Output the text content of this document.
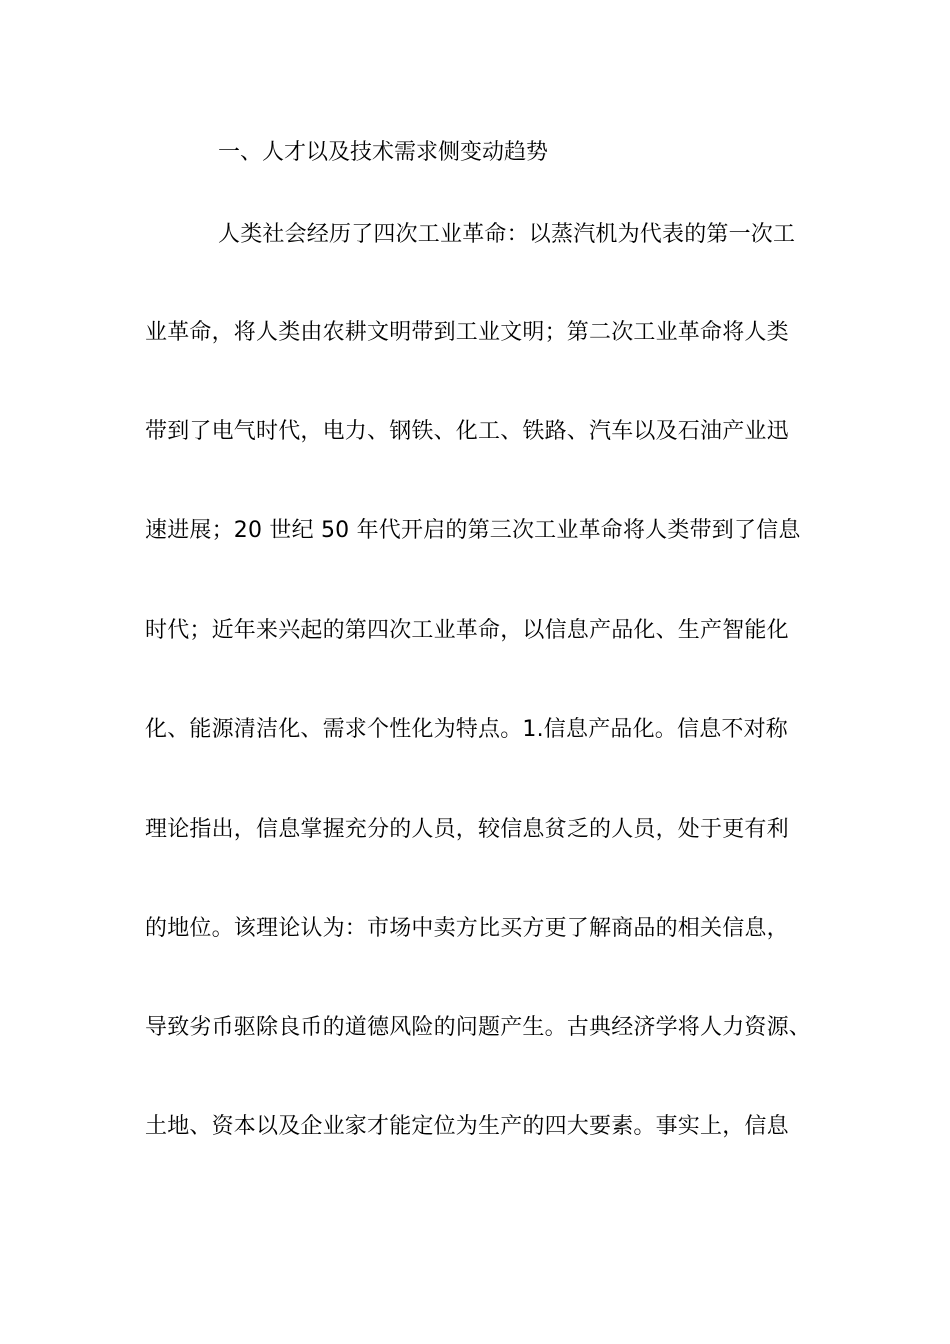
一、人才以及技术需求侧变动趋势
人类社会经历了四次工业革命：以蒸汽机为代表的第一次工
业革命，将人类由农耕文明带到工业文明；第二次工业革命将人类
带到了电气时代，电力、钢铁、化工、铁路、汽车以及石油产业迅
速进展；20 世纪 50 年代开启的第三次工业革命将人类带到了信息
时代；近年来兴起的第四次工业革命，以信息产品化、生产智能化
化、能源清洁化、需求个性化为特点。1.信息产品化。信息不对称
理论指出，信息掌握充分的人员，较信息贫乏的人员，处于更有利
的地位。该理论认为：市场中卖方比买方更了解商品的相关信息，
导致劣币驱除良币的道德风险的问题产生。古典经济学将人力资源、
土地、资本以及企业家才能定位为生产的四大要素。事实上，信息
